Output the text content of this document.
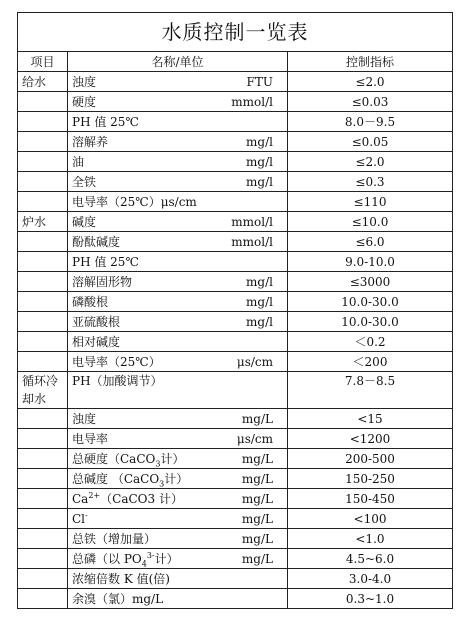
水质控制一览表		
项目	名称/单位	控制指标
给水	浊度 FTU	≤2.0

	硬度 mmol/l	≤0.03

	PH 值 25℃	8.0－9.5

	溶解养 mg/l	≤0.05

	油 mg/l	≤2.0

	全铁 mg/l	≤0.3

	电导率（25℃）μs/cm	≤110
炉水	碱度 mmol/l	≤10.0

	酚酞碱度 mmol/l	≤6.0

	PH 值 25℃	9.0-10.0

	溶解固形物 mg/l	≤3000

	磷酸根 mg/l	10.0-30.0

	亚硫酸根 mg/l	10.0-30.0

	相对碱度	＜0.2

	电导率（25℃） μs/cm	＜200
循环冷却水	PH（加酸调节）	7.8－8.5

	浊度 mg/L	<15

	电导率 μs/cm	<1200

	总硬度（CaCO$_3$计） mg/L	200-500

	总碱度 （CaCO$_3$计） mg/L	150-250

	$Ca^{2+}(CaCO3$ 计） mg/L	150-450

	Cl- mg/L	<100

	总铁（增加量） mg/L	<1.0

	总磷（以 $PO_4^{3-}$计） mg/L	4.5~6.0

	浓缩倍数 K 值(倍)	3.0-4.0

	余溴（氯）mg/L	0.3~1.0
